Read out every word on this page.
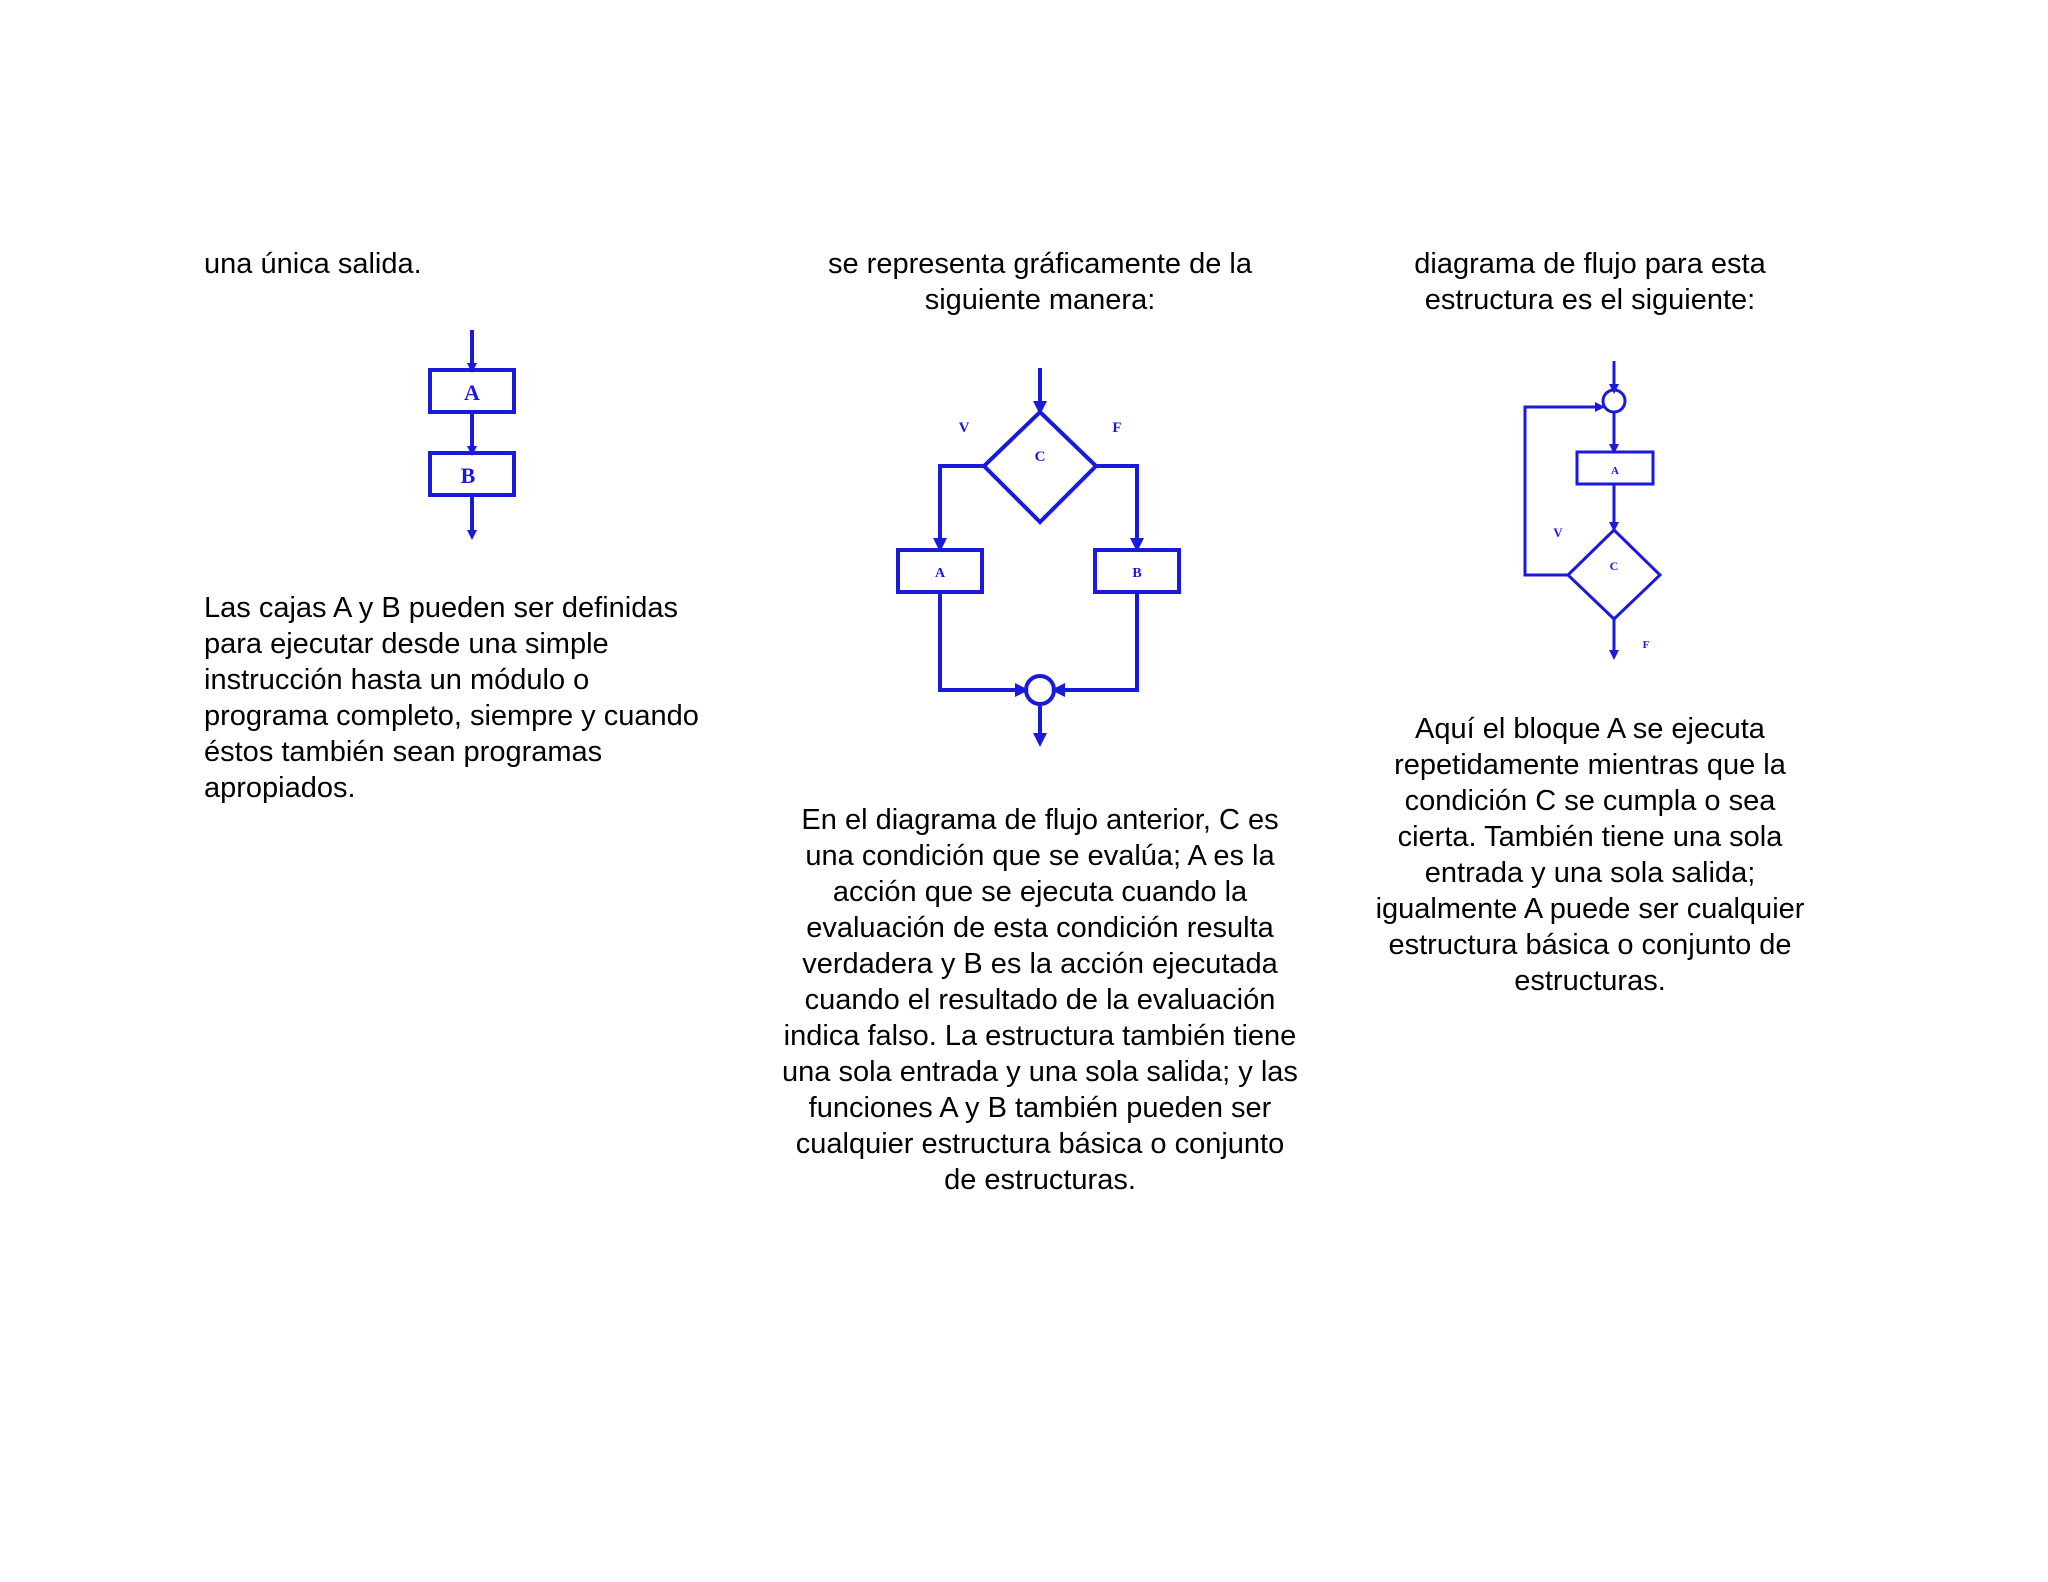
una única salida.
A
B
Las cajas A y B pueden ser definidas
para ejecutar desde una simple
instrucción hasta un módulo o
programa completo, siempre y cuando
éstos también sean programas
apropiados.
se representa gráficamente de la
siguiente manera:
C
V	F
A	B
En el diagrama de flujo anterior, C es
una condición que se evalúa; A es la
acción que se ejecuta cuando la
evaluación de esta condición resulta
verdadera y B es la acción ejecutada
cuando el resultado de la evaluación
indica falso. La estructura también tiene
una sola entrada y una sola salida; y las
funciones A y B también pueden ser
cualquier estructura básica o conjunto
de estructuras.
diagrama de flujo para esta
estructura es el siguiente:
A
C
V
F
Aquí el bloque A se ejecuta
repetidamente mientras que la
condición C se cumpla o sea
cierta. También tiene una sola
entrada y una sola salida;
igualmente A puede ser cualquier
estructura básica o conjunto de
estructuras.
